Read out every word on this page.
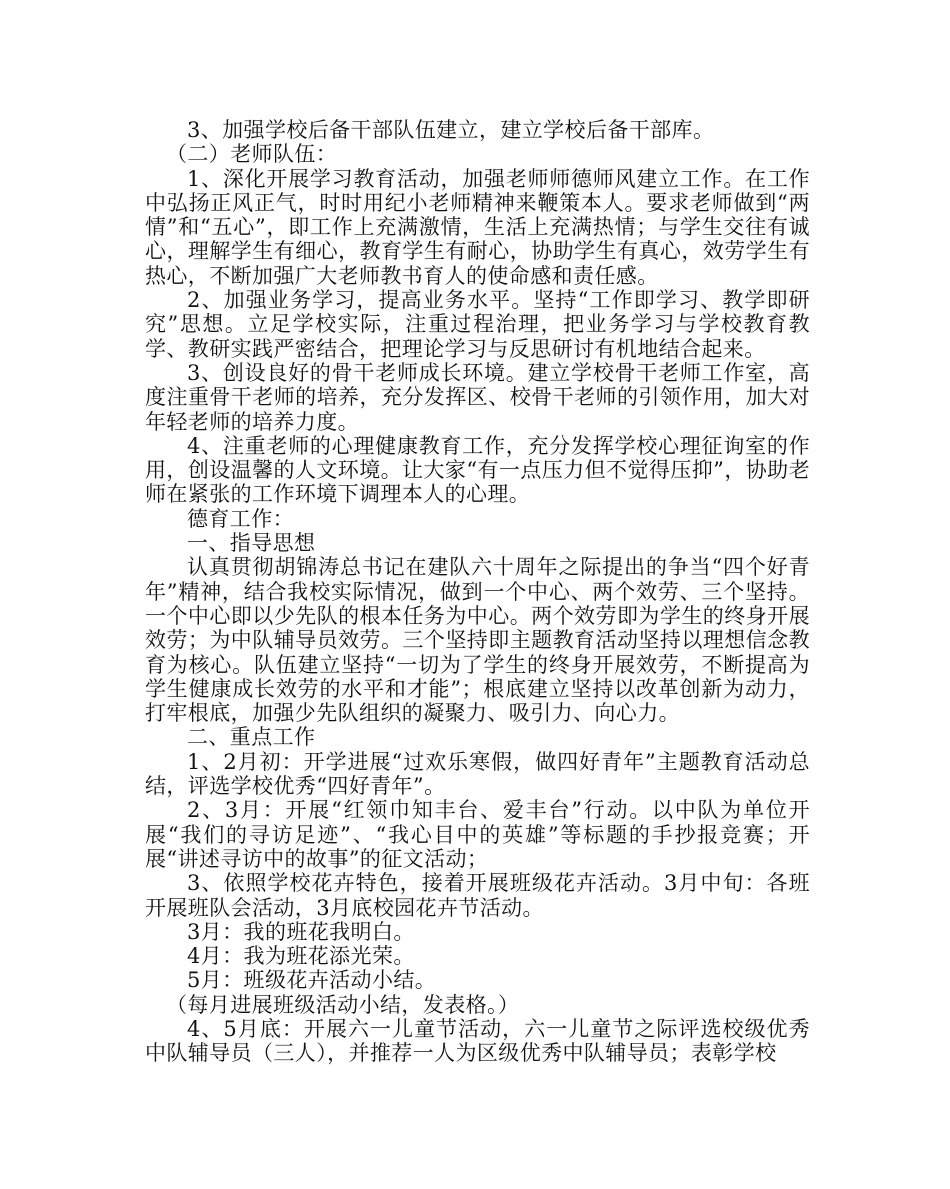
3、加强学校后备干部队伍建立，建立学校后备干部库。

（二）老师队伍：

1、深化开展学习教育活动，加强老师师德师风建立工作。在工作中弘扬正风正气，时时用纪小老师精神来鞭策本人。要求老师做到“两情”和“五心”，即工作上充满激情，生活上充满热情；与学生交往有诚心，理解学生有细心，教育学生有耐心，协助学生有真心，效劳学生有热心，不断加强广大老师教书育人的使命感和责任感。

2、加强业务学习，提高业务水平。坚持“工作即学习、教学即研究”思想。立足学校实际，注重过程治理，把业务学习与学校教育教学、教研实践严密结合，把理论学习与反思研讨有机地结合起来。

3、创设良好的骨干老师成长环境。建立学校骨干老师工作室，高度注重骨干老师的培养，充分发挥区、校骨干老师的引领作用，加大对年轻老师的培养力度。

4、注重老师的心理健康教育工作，充分发挥学校心理征询室的作用，创设温馨的人文环境。让大家“有一点压力但不觉得压抑”，协助老师在紧张的工作环境下调理本人的心理。

德育工作：

一、指导思想

认真贯彻胡锦涛总书记在建队六十周年之际提出的争当“四个好青年”精神，结合我校实际情况，做到一个中心、两个效劳、三个坚持。一个中心即以少先队的根本任务为中心。两个效劳即为学生的终身开展效劳；为中队辅导员效劳。三个坚持即主题教育活动坚持以理想信念教育为核心。队伍建立坚持“一切为了学生的终身开展效劳，不断提高为学生健康成长效劳的水平和才能”；根底建立坚持以改革创新为动力，打牢根底，加强少先队组织的凝聚力、吸引力、向心力。

二、重点工作

1、2月初：开学进展“过欢乐寒假，做四好青年”主题教育活动总结，评选学校优秀“四好青年”。

2、3月：开展“红领巾知丰台、爱丰台”行动。以中队为单位开展“我们的寻访足迹”、“我心目中的英雄”等标题的手抄报竞赛；开展“讲述寻访中的故事”的征文活动；

3、依照学校花卉特色，接着开展班级花卉活动。3月中旬：各班开展班队会活动，3月底校园花卉节活动。

3月：我的班花我明白。

4月：我为班花添光荣。

5月：班级花卉活动小结。

（每月进展班级活动小结，发表格。）

4、5月底：开展六一儿童节活动，六一儿童节之际评选校级优秀中队辅导员（三人），并推荐一人为区级优秀中队辅导员；表彰学校
